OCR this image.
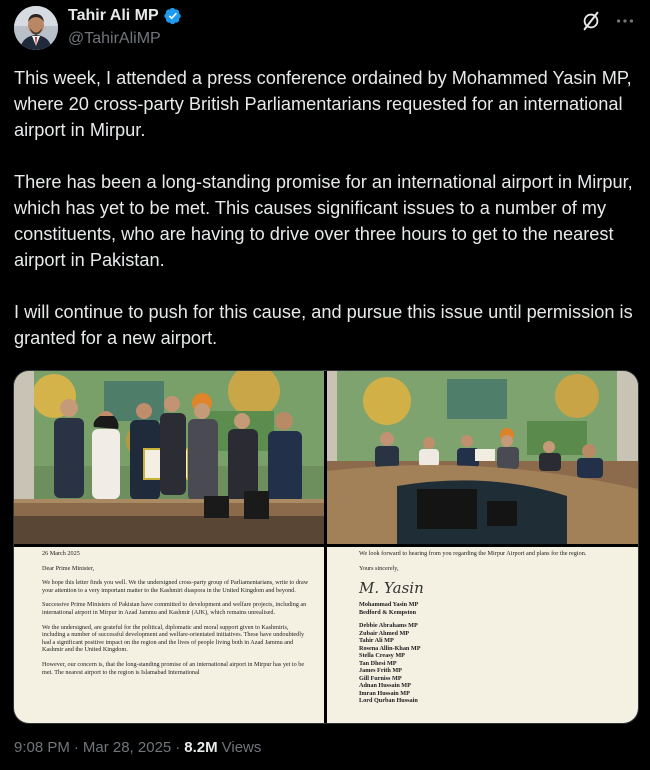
Tahir Ali MP
@TahirAliMP

This week, I attended a press conference ordained by Mohammed Yasin MP, where 20 cross-party British Parliamentarians requested for an international airport in Mirpur.

There has been a long-standing promise for an international airport in Mirpur, which has yet to be met. This causes significant issues to a number of my constituents, who are having to drive over three hours to get to the nearest airport in Pakistan.

I will continue to push for this cause, and pursue this issue until permission is granted for a new airport.

26 March 2025

Dear Prime Minister,

We hope this letter finds you well. We the undersigned cross-party group of Parliamentarians, write to draw your attention to a very important matter to the Kashmiri diaspora in the United Kingdom and beyond.

Successive Prime Ministers of Pakistan have committed to development and welfare projects, including an international airport in Mirpur in Azad Jammu and Kashmir (AJK), which remains unrealised.

We the undersigned, are grateful for the political, diplomatic and moral support given to Kashmiris, including a number of successful development and welfare-orientated initiatives. These have undoubtedly had a significant positive impact on the region and the lives of people living both in Azad Jammu and Kashmir and the United Kingdom.

However, our concern is, that the long-standing promise of an international airport in Mirpur has yet to be met. The nearest airport to the region is Islamabad International

We look forward to hearing from you regarding the Mirpur Airport and plans for the region.

Yours sincerely,

M. Yasin

Mohammad Yasin MP

Bedford & Kempston

Debbie Abrahams MP
Zubair Ahmed MP
Tahir Ali MP
Rosena Allin-Khan MP
Stella Creasy MP
Tan Dhesi MP
James Frith MP
Gill Furniss MP
Adnan Hussain MP
Imran Hussain MP
Lord Qurban Hussain
9:08 PM · Mar 28, 2025 · 8.2M Views
